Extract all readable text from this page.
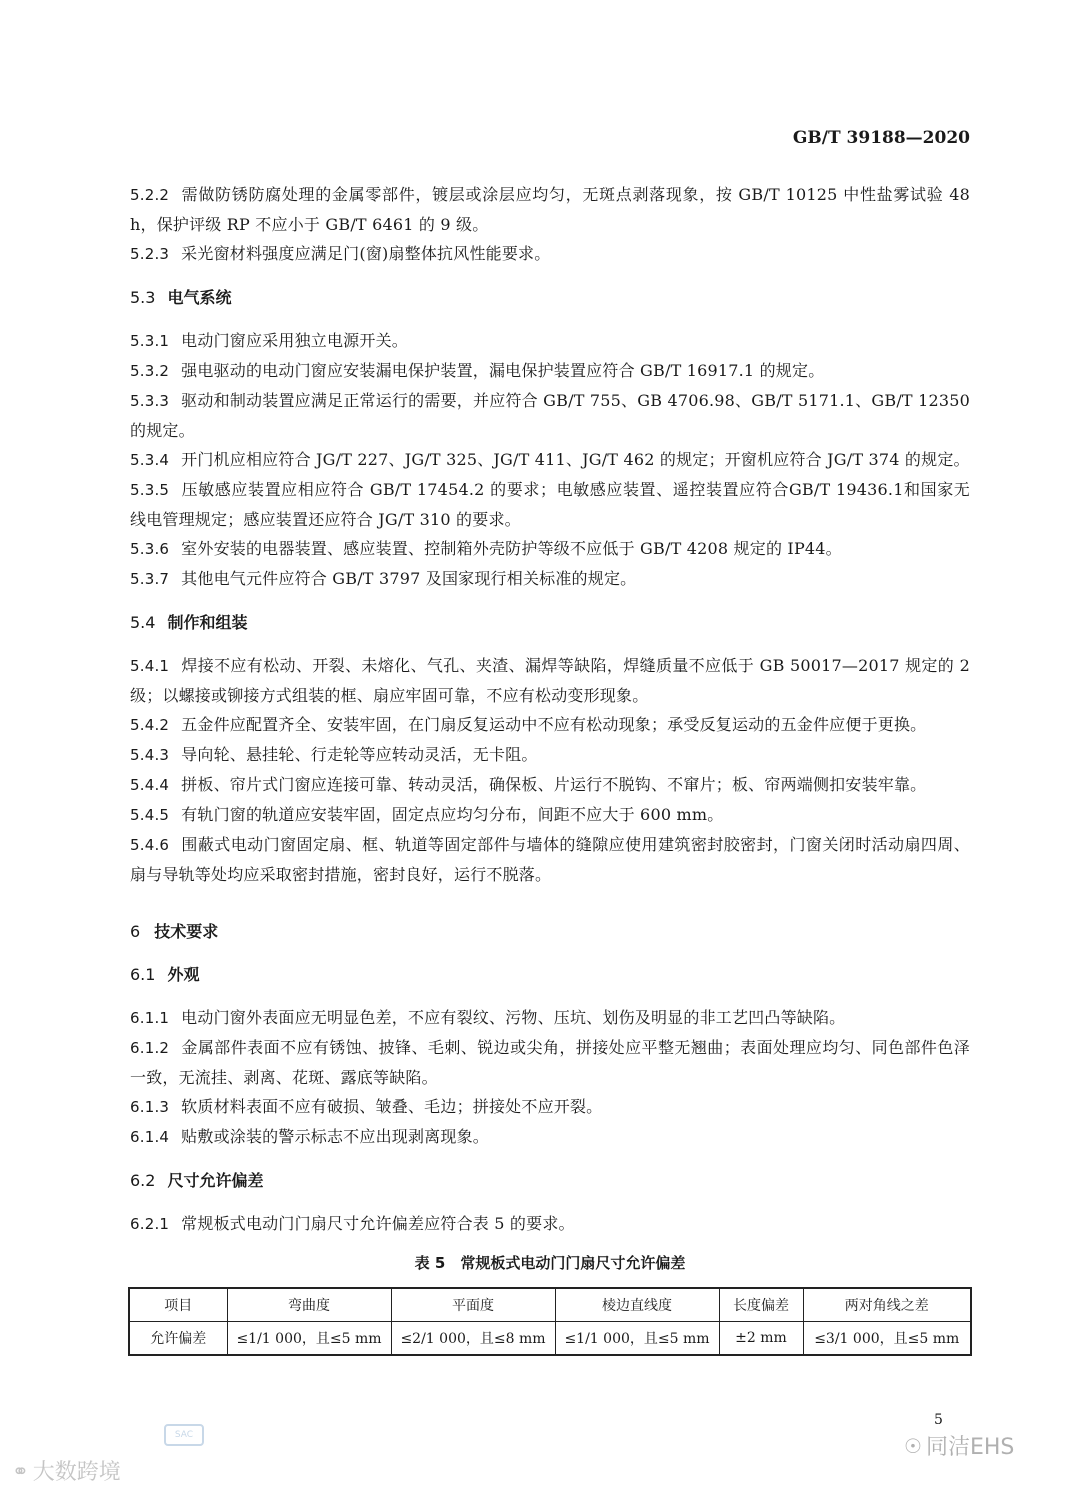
GB/T 39188—2020

5.2.2 需做防锈防腐处理的金属零部件，镀层或涂层应均匀，无斑点剥落现象，按 GB/T 10125 中性盐雾试验 48 h，保护评级 RP 不应小于 GB/T 6461 的 9 级。

5.2.3 采光窗材料强度应满足门(窗)扇整体抗风性能要求。

5.3 电气系统

5.3.1 电动门窗应采用独立电源开关。

5.3.2 强电驱动的电动门窗应安装漏电保护装置，漏电保护装置应符合 GB/T 16917.1 的规定。

5.3.3 驱动和制动装置应满足正常运行的需要，并应符合 GB/T 755、GB 4706.98、GB/T 5171.1、GB/T 12350的规定。

5.3.4 开门机应相应符合 JG/T 227、JG/T 325、JG/T 411、JG/T 462 的规定；开窗机应符合 JG/T 374 的规定。

5.3.5 压敏感应装置应相应符合 GB/T 17454.2 的要求；电敏感应装置、遥控装置应符合GB/T 19436.1和国家无线电管理规定；感应装置还应符合 JG/T 310 的要求。

5.3.6 室外安装的电器装置、感应装置、控制箱外壳防护等级不应低于 GB/T 4208 规定的 IP44。

5.3.7 其他电气元件应符合 GB/T 3797 及国家现行相关标准的规定。

5.4 制作和组装

5.4.1 焊接不应有松动、开裂、未熔化、气孔、夹渣、漏焊等缺陷，焊缝质量不应低于 GB 50017—2017 规定的 2 级；以螺接或铆接方式组装的框、扇应牢固可靠，不应有松动变形现象。

5.4.2 五金件应配置齐全、安装牢固，在门扇反复运动中不应有松动现象；承受反复运动的五金件应便于更换。

5.4.3 导向轮、悬挂轮、行走轮等应转动灵活，无卡阻。

5.4.4 拼板、帘片式门窗应连接可靠、转动灵活，确保板、片运行不脱钩、不窜片；板、帘两端侧扣安装牢靠。

5.4.5 有轨门窗的轨道应安装牢固，固定点应均匀分布，间距不应大于 600 mm。

5.4.6 围蔽式电动门窗固定扇、框、轨道等固定部件与墙体的缝隙应使用建筑密封胶密封，门窗关闭时活动扇四周、扇与导轨等处均应采取密封措施，密封良好，运行不脱落。

6 技术要求

6.1 外观

6.1.1 电动门窗外表面应无明显色差，不应有裂纹、污物、压坑、划伤及明显的非工艺凹凸等缺陷。

6.1.2 金属部件表面不应有锈蚀、披锋、毛刺、锐边或尖角，拼接处应平整无翘曲；表面处理应均匀、同色部件色泽一致，无流挂、剥离、花斑、露底等缺陷。

6.1.3 软质材料表面不应有破损、皱叠、毛边；拼接处不应开裂。

6.1.4 贴敷或涂装的警示标志不应出现剥离现象。

6.2 尺寸允许偏差

6.2.1 常规板式电动门门扇尺寸允许偏差应符合表 5 的要求。

表 5　常规板式电动门门扇尺寸允许偏差

项目	弯曲度	平面度	棱边直线度	长度偏差	两对角线之差
允许偏差	≤1/1 000，且≤5 mm	≤2/1 000，且≤8 mm	≤1/1 000，且≤5 mm	±2 mm	≤3/1 000，且≤5 mm
SAC
5
☉ 同洁EHS
⚭ 大数跨境
